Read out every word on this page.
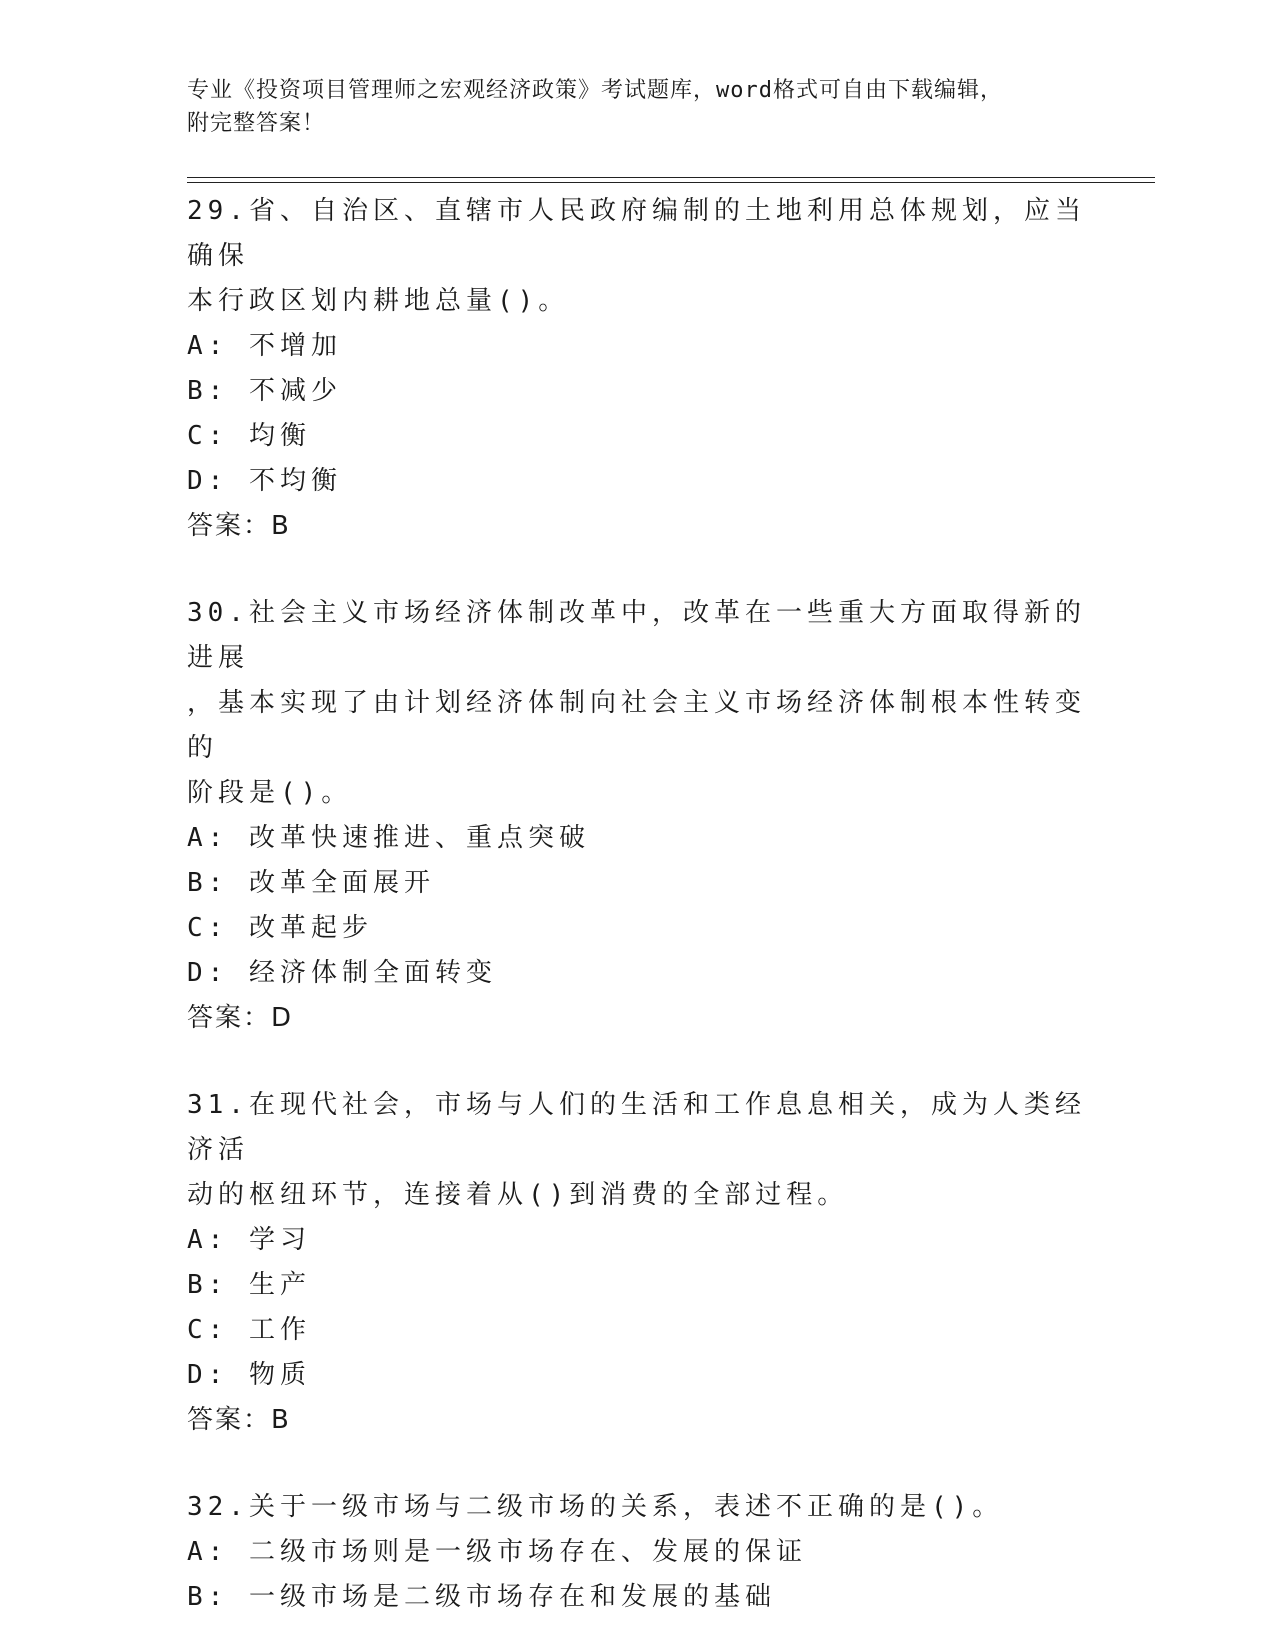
专业《投资项目管理师之宏观经济政策》考试题库，word格式可自由下载编辑，
附完整答案！
29.省、自治区、直辖市人民政府编制的土地利用总体规划，应当确保
本行政区划内耕地总量()。
A: 不增加
B: 不减少
C: 均衡
D: 不均衡
答案：B
30.社会主义市场经济体制改革中，改革在一些重大方面取得新的进展
，基本实现了由计划经济体制向社会主义市场经济体制根本性转变的
阶段是()。
A: 改革快速推进、重点突破
B: 改革全面展开
C: 改革起步
D: 经济体制全面转变
答案：D
31.在现代社会，市场与人们的生活和工作息息相关，成为人类经济活
动的枢纽环节，连接着从()到消费的全部过程。
A: 学习
B: 生产
C: 工作
D: 物质
答案：B
32.关于一级市场与二级市场的关系，表述不正确的是()。
A: 二级市场则是一级市场存在、发展的保证
B: 一级市场是二级市场存在和发展的基础
